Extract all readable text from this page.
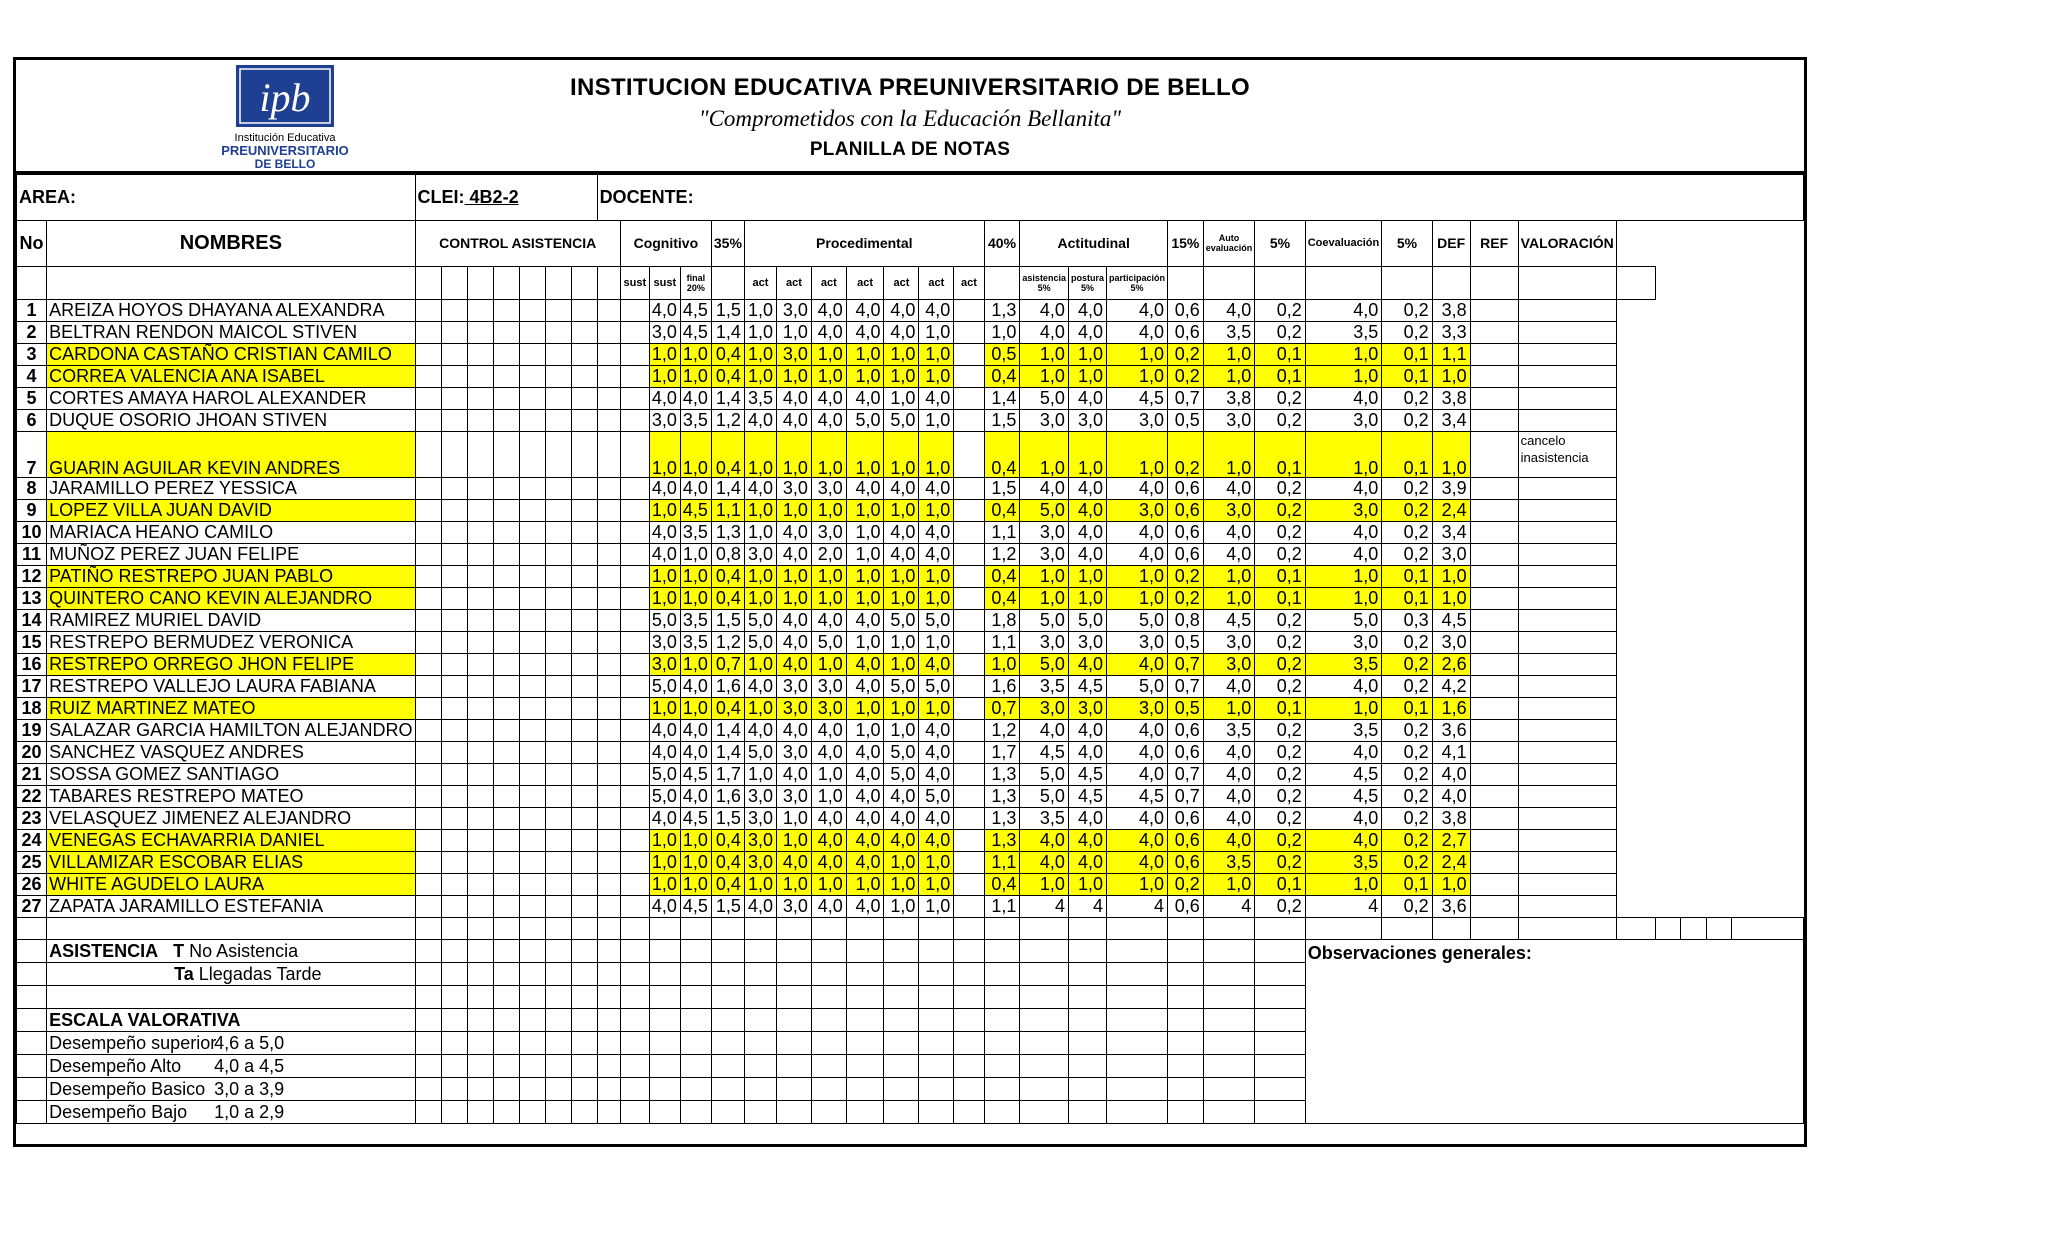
ipb
Institución Educativa
PREUNIVERSITARIO
DE BELLO
INSTITUCION EDUCATIVA PREUNIVERSITARIO DE BELLO
"Comprometidos con la Educación Bellanita"
PLANILLA DE NOTAS
AREA:		CLEI: 4B2-2							DOCENTE:																												
No	NOMBRES	CONTROL ASISTENCIA								Cognitivo			35%	Procedimental							40%	Actitudinal			15%	Auto evaluación	5%	Coevaluación	5%	DEF	REF	VALORACIÓN					
										sust	sust	final 20%		act	act	act	act	act	act	act		asistencia 5%	postura 5%	participación 5%													
1	AREIZA HOYOS DHAYANA ALEXANDRA										4,0	4,5	1,5	1,0	3,0	4,0	4,0	4,0	4,0		1,3	4,0	4,0	4,0	0,6	4,0	0,2	4,0	0,2	3,8							
2	BELTRAN RENDON MAICOL STIVEN										3,0	4,5	1,4	1,0	1,0	4,0	4,0	4,0	1,0		1,0	4,0	4,0	4,0	0,6	3,5	0,2	3,5	0,2	3,3							
3	CARDONA CASTAÑO CRISTIAN CAMILO										1,0	1,0	0,4	1,0	3,0	1,0	1,0	1,0	1,0		0,5	1,0	1,0	1,0	0,2	1,0	0,1	1,0	0,1	1,1							
4	CORREA VALENCIA ANA ISABEL										1,0	1,0	0,4	1,0	1,0	1,0	1,0	1,0	1,0		0,4	1,0	1,0	1,0	0,2	1,0	0,1	1,0	0,1	1,0							
5	CORTES AMAYA HAROL ALEXANDER										4,0	4,0	1,4	3,5	4,0	4,0	4,0	1,0	4,0		1,4	5,0	4,0	4,5	0,7	3,8	0,2	4,0	0,2	3,8							
6	DUQUE OSORIO JHOAN STIVEN										3,0	3,5	1,2	4,0	4,0	4,0	5,0	5,0	1,0		1,5	3,0	3,0	3,0	0,5	3,0	0,2	3,0	0,2	3,4							
7	GUARIN AGUILAR KEVIN ANDRES										1,0	1,0	0,4	1,0	1,0	1,0	1,0	1,0	1,0		0,4	1,0	1,0	1,0	0,2	1,0	0,1	1,0	0,1	1,0		cancelo inasistencia					
8	JARAMILLO PEREZ YESSICA										4,0	4,0	1,4	4,0	3,0	3,0	4,0	4,0	4,0		1,5	4,0	4,0	4,0	0,6	4,0	0,2	4,0	0,2	3,9							
9	LOPEZ VILLA JUAN DAVID										1,0	4,5	1,1	1,0	1,0	1,0	1,0	1,0	1,0		0,4	5,0	4,0	3,0	0,6	3,0	0,2	3,0	0,2	2,4							
10	MARIACA HEANO CAMILO										4,0	3,5	1,3	1,0	4,0	3,0	1,0	4,0	4,0		1,1	3,0	4,0	4,0	0,6	4,0	0,2	4,0	0,2	3,4							
11	MUÑOZ PEREZ JUAN FELIPE										4,0	1,0	0,8	3,0	4,0	2,0	1,0	4,0	4,0		1,2	3,0	4,0	4,0	0,6	4,0	0,2	4,0	0,2	3,0							
12	PATIÑO RESTREPO JUAN PABLO										1,0	1,0	0,4	1,0	1,0	1,0	1,0	1,0	1,0		0,4	1,0	1,0	1,0	0,2	1,0	0,1	1,0	0,1	1,0							
13	QUINTERO CANO KEVIN ALEJANDRO										1,0	1,0	0,4	1,0	1,0	1,0	1,0	1,0	1,0		0,4	1,0	1,0	1,0	0,2	1,0	0,1	1,0	0,1	1,0							
14	RAMIREZ MURIEL DAVID										5,0	3,5	1,5	5,0	4,0	4,0	4,0	5,0	5,0		1,8	5,0	5,0	5,0	0,8	4,5	0,2	5,0	0,3	4,5							
15	RESTREPO BERMUDEZ VERONICA										3,0	3,5	1,2	5,0	4,0	5,0	1,0	1,0	1,0		1,1	3,0	3,0	3,0	0,5	3,0	0,2	3,0	0,2	3,0							
16	RESTREPO ORREGO JHON FELIPE										3,0	1,0	0,7	1,0	4,0	1,0	4,0	1,0	4,0		1,0	5,0	4,0	4,0	0,7	3,0	0,2	3,5	0,2	2,6							
17	RESTREPO VALLEJO LAURA FABIANA										5,0	4,0	1,6	4,0	3,0	3,0	4,0	5,0	5,0		1,6	3,5	4,5	5,0	0,7	4,0	0,2	4,0	0,2	4,2							
18	RUIZ MARTINEZ MATEO										1,0	1,0	0,4	1,0	3,0	3,0	1,0	1,0	1,0		0,7	3,0	3,0	3,0	0,5	1,0	0,1	1,0	0,1	1,6							
19	SALAZAR GARCIA HAMILTON ALEJANDRO										4,0	4,0	1,4	4,0	4,0	4,0	1,0	1,0	4,0		1,2	4,0	4,0	4,0	0,6	3,5	0,2	3,5	0,2	3,6							
20	SANCHEZ VASQUEZ ANDRES										4,0	4,0	1,4	5,0	3,0	4,0	4,0	5,0	4,0		1,7	4,5	4,0	4,0	0,6	4,0	0,2	4,0	0,2	4,1							
21	SOSSA GOMEZ SANTIAGO										5,0	4,5	1,7	1,0	4,0	1,0	4,0	5,0	4,0		1,3	5,0	4,5	4,0	0,7	4,0	0,2	4,5	0,2	4,0							
22	TABARES RESTREPO MATEO										5,0	4,0	1,6	3,0	3,0	1,0	4,0	4,0	5,0		1,3	5,0	4,5	4,5	0,7	4,0	0,2	4,5	0,2	4,0							
23	VELASQUEZ JIMENEZ ALEJANDRO										4,0	4,5	1,5	3,0	1,0	4,0	4,0	4,0	4,0		1,3	3,5	4,0	4,0	0,6	4,0	0,2	4,0	0,2	3,8							
24	VENEGAS ECHAVARRIA DANIEL										1,0	1,0	0,4	3,0	1,0	4,0	4,0	4,0	4,0		1,3	4,0	4,0	4,0	0,6	4,0	0,2	4,0	0,2	2,7							
25	VILLAMIZAR ESCOBAR ELIAS										1,0	1,0	0,4	3,0	4,0	4,0	4,0	1,0	1,0		1,1	4,0	4,0	4,0	0,6	3,5	0,2	3,5	0,2	2,4							
26	WHITE AGUDELO LAURA										1,0	1,0	0,4	1,0	1,0	1,0	1,0	1,0	1,0		0,4	1,0	1,0	1,0	0,2	1,0	0,1	1,0	0,1	1,0							
27	ZAPATA JARAMILLO ESTEFANIA										4,0	4,5	1,5	4,0	3,0	4,0	4,0	1,0	1,0		1,1	4	4	4	0,6	4	0,2	4	0,2	3,6							

	ASISTENCIA T No Asistencia																											Observaciones generales:									
	Ta Llegadas Tarde																																				

	ESCALA VALORATIVA																																				
	Desempeño superior4,6 a 5,0																																				
	Desempeño Alto 4,0 a 4,5																																				
	Desempeño Basico 3,0 a 3,9																																				
	Desempeño Bajo 1,0 a 2,9																																				
